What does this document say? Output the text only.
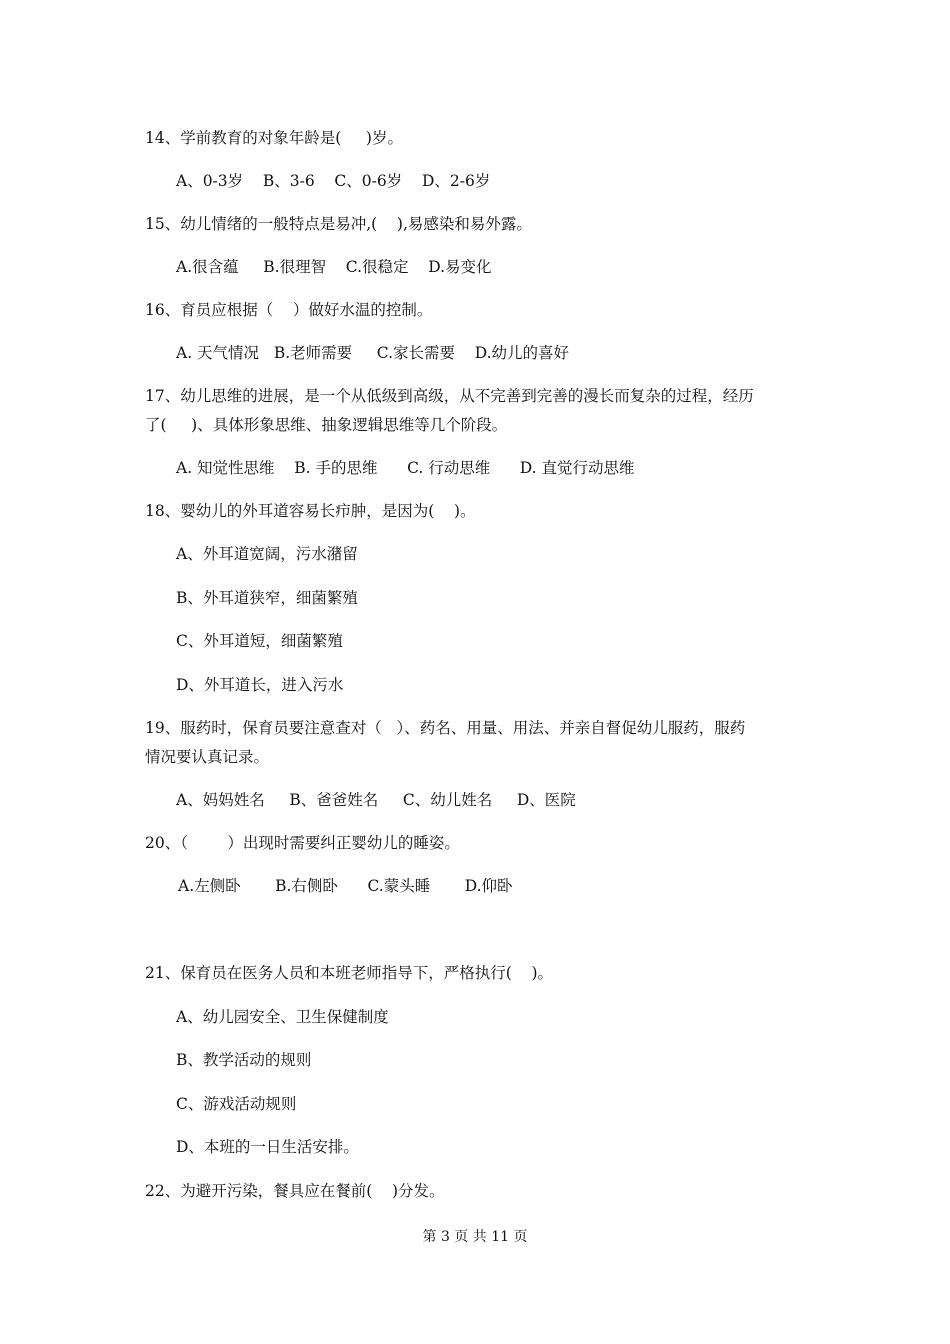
14、学前教育的对象年龄是(     )岁。
A、0-3岁    B、3-6    C、0-6岁    D、2-6岁
15、幼儿情绪的一般特点是易冲,(    ),易感染和易外露。
A.很含蕴     B.很理智    C.很稳定    D.易变化
16、育员应根据（    ）做好水温的控制。
A. 天气情况   B.老师需要     C.家长需要    D.幼儿的喜好
17、幼儿思维的进展，是一个从低级到高级，从不完善到完善的漫长而复杂的过程，经历
了(     )、具体形象思维、抽象逻辑思维等几个阶段。
A. 知觉性思维    B. 手的思维      C. 行动思维      D. 直觉行动思维
18、婴幼儿的外耳道容易长疖肿，是因为(    )。
A、外耳道宽阔，污水潴留
B、外耳道狭窄，细菌繁殖
C、外耳道短，细菌繁殖
D、外耳道长，进入污水
19、服药时，保育员要注意查对（   ）、药名、用量、用法、并亲自督促幼儿服药，服药
情况要认真记录。
A、妈妈姓名     B、爸爸姓名     C、幼儿姓名     D、医院
20、（        ）出现时需要纠正婴幼儿的睡姿。
A.左侧卧       B.右侧卧      C.蒙头睡       D.仰卧
21、保育员在医务人员和本班老师指导下，严格执行(    )。
A、幼儿园安全、卫生保健制度
B、教学活动的规则
C、游戏活动规则
D、本班的一日生活安排。
22、为避开污染，餐具应在餐前(    )分发。
第 3 页 共 11 页
